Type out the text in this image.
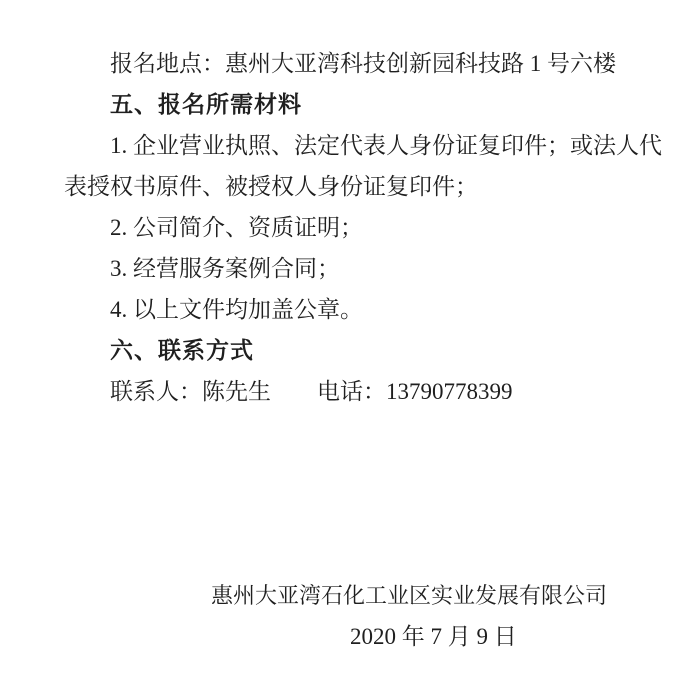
报名地点：惠州大亚湾科技创新园科技路 1 号六楼

五、报名所需材料

1. 企业营业执照、法定代表人身份证复印件；或法人代

表授权书原件、被授权人身份证复印件；

2. 公司简介、资质证明；

3. 经营服务案例合同；

4. 以上文件均加盖公章。

六、联系方式

联系人：陈先生 电话：13790778399

惠州大亚湾石化工业区实业发展有限公司
2020 年 7 月 9 日
